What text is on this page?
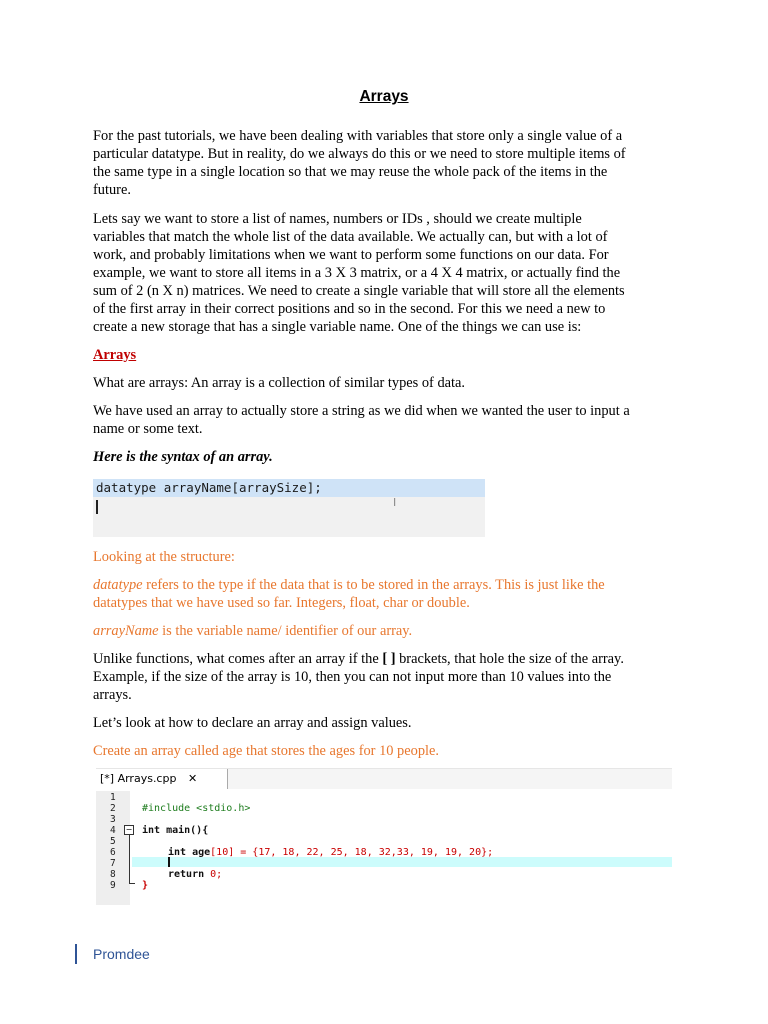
Arrays

For the past tutorials, we have been dealing with variables that store only a single value of a
particular datatype. But in reality, do we always do this or we need to store multiple items of
the same type in a single location so that we may reuse the whole pack of the items in the
future.

Lets say we want to store a list of names, numbers or IDs , should we create multiple
variables that match the whole list of the data available. We actually can, but with a lot of
work, and probably limitations when we want to perform some functions on our data. For
example, we want to store all items in a 3 X 3 matrix, or a 4 X 4 matrix, or actually find the
sum of 2 (n X n) matrices. We need to create a single variable that will store all the elements
of the first array in their correct positions and so in the second. For this we need a new to
create a new storage that has a single variable name. One of the things we can use is:

Arrays

What are arrays: An array is a collection of similar types of data.

We have used an array to actually store a string as we did when we wanted the user to input a
name or some text.

Here is the syntax of an array.

datatype arrayName[arraySize];
I

Looking at the structure:

datatype refers to the type if the data that is to be stored in the arrays. This is just like the
datatypes that we have used so far. Integers, float, char or double.

arrayName is the variable name/ identifier of our array.

Unlike functions, what comes after an array if the [ ] brackets, that hole the size of the array.
Example, if the size of the array is 10, then you can not input more than 10 values into the
arrays.

Let’s look at how to declare an array and assign values.

Create an array called age that stores the ages for 10 people.

[*] Arrays.cpp ✕
1
2
3
4
5
6
7
8
9
−
#include <stdio.h>
int main(){
int age[10] = {17, 18, 22, 25, 18, 32,33, 19, 19, 20};
return 0;
}

Promdee
